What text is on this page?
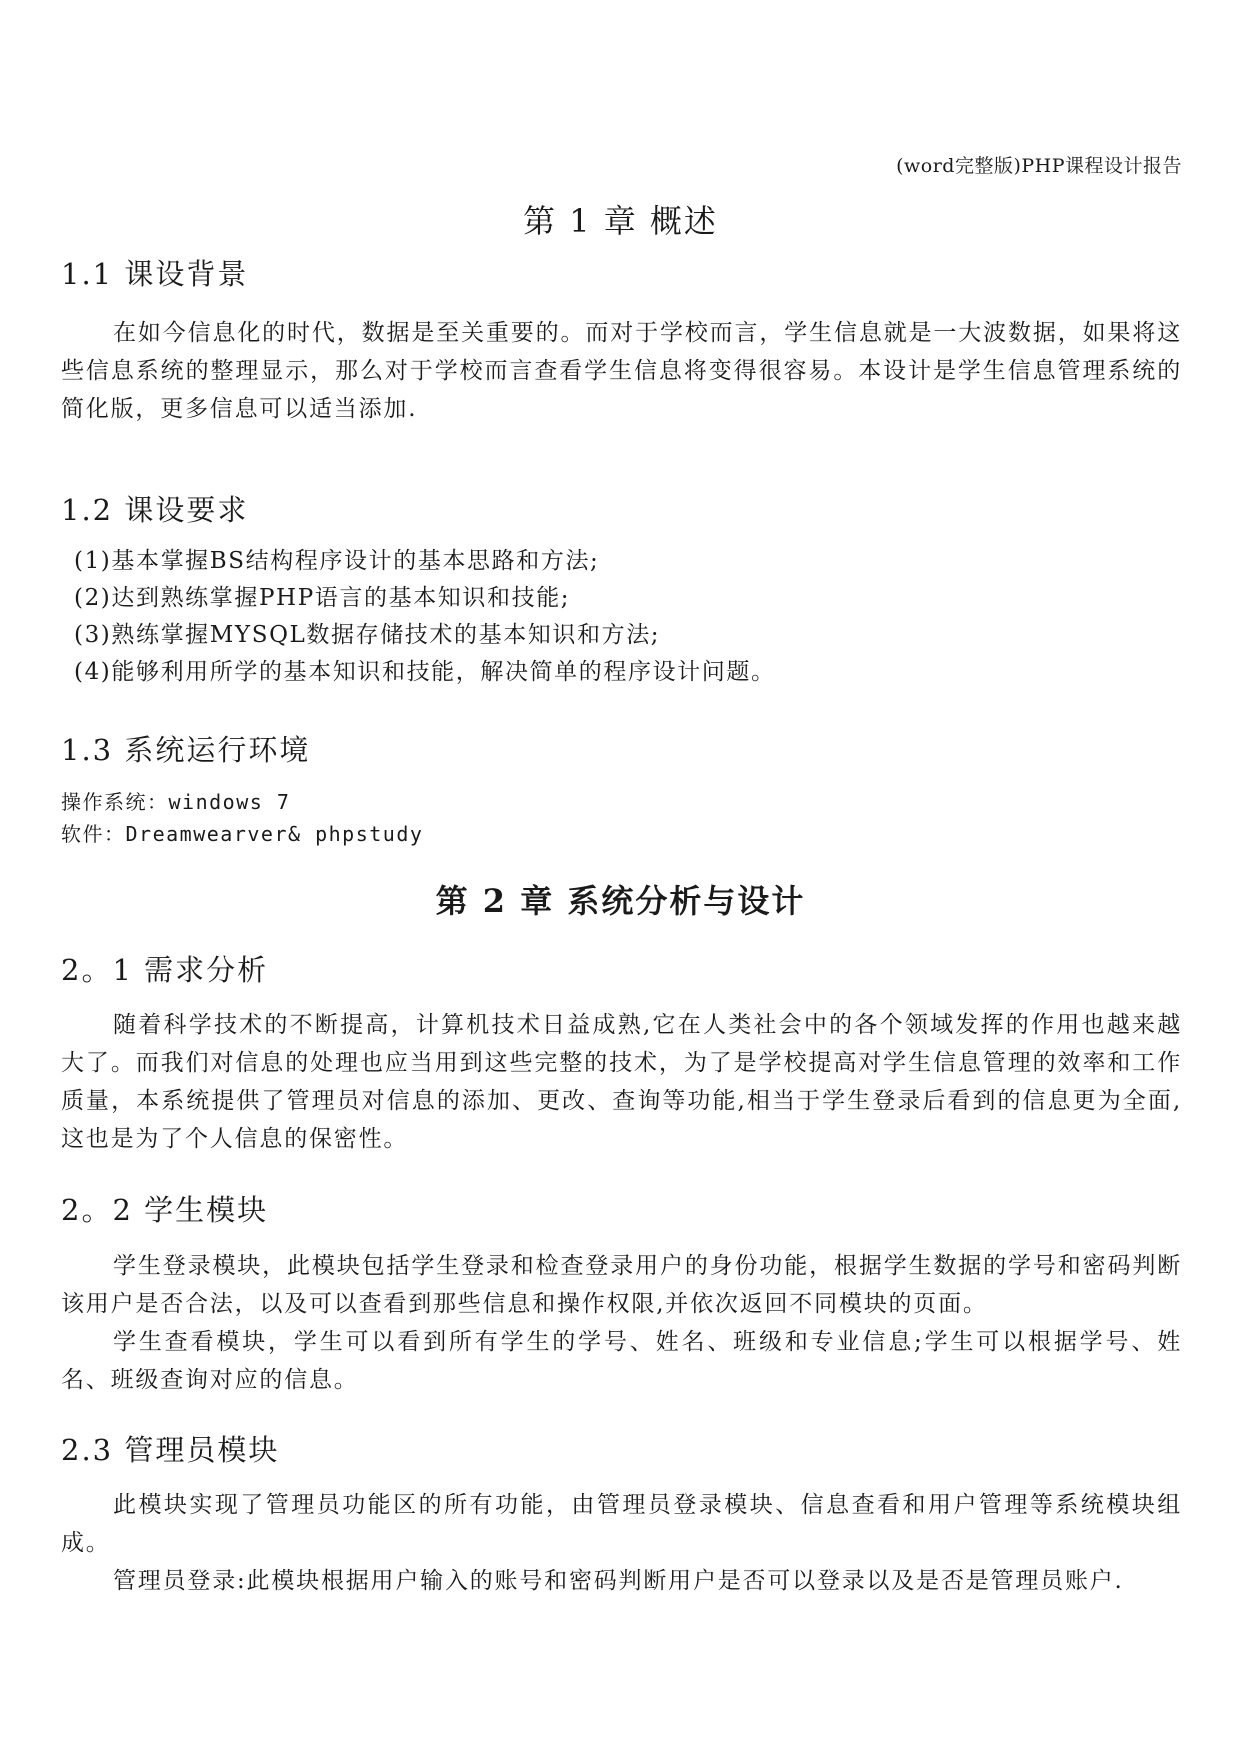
(word完整版)PHP课程设计报告
第 1 章 概述
1.1 课设背景

在如今信息化的时代，数据是至关重要的。而对于学校而言，学生信息就是一大波数据，如果将这些信息系统的整理显示，那么对于学校而言查看学生信息将变得很容易。本设计是学生信息管理系统的简化版，更多信息可以适当添加.

1.2 课设要求
(1)基本掌握BS结构程序设计的基本思路和方法;
(2)达到熟练掌握PHP语言的基本知识和技能;
(3)熟练掌握MYSQL数据存储技术的基本知识和方法;
(4)能够利用所学的基本知识和技能，解决简单的程序设计问题。
1.3 系统运行环境
操作系统：windows 7
软件：Dreamwearver& phpstudy
第 2 章 系统分析与设计
2。1 需求分析

随着科学技术的不断提高，计算机技术日益成熟,它在人类社会中的各个领域发挥的作用也越来越大了。而我们对信息的处理也应当用到这些完整的技术，为了是学校提高对学生信息管理的效率和工作质量，本系统提供了管理员对信息的添加、更改、查询等功能,相当于学生登录后看到的信息更为全面,这也是为了个人信息的保密性。

2。2 学生模块

学生登录模块，此模块包括学生登录和检查登录用户的身份功能，根据学生数据的学号和密码判断该用户是否合法，以及可以查看到那些信息和操作权限,并依次返回不同模块的页面。

学生查看模块，学生可以看到所有学生的学号、姓名、班级和专业信息;学生可以根据学号、姓名、班级查询对应的信息。

2.3 管理员模块

此模块实现了管理员功能区的所有功能，由管理员登录模块、信息查看和用户管理等系统模块组成。

管理员登录:此模块根据用户输入的账号和密码判断用户是否可以登录以及是否是管理员账户.
